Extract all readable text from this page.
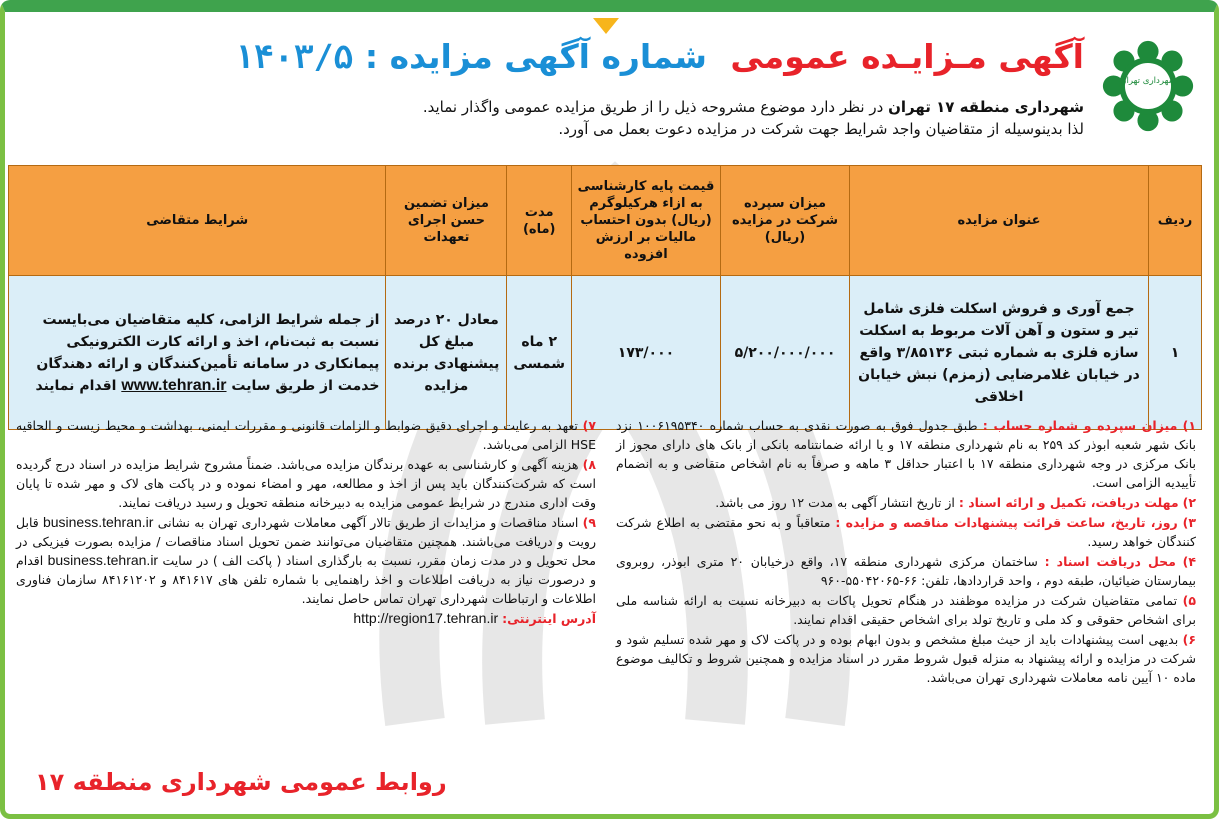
شهرداری تهران
آگهی مـزایـده عمومی شماره آگهی مزایده : ۱۴۰۳/۵
شهرداری منطقه ۱۷ تهران در نظر دارد موضوع مشروحه ذیل را از طریق مزایده عمومی واگذار نماید.
لذا بدینوسیله از متقاضیان واجد شرایط جهت شرکت در مزایده دعوت بعمل می آورد.
ردیف	عنوان مزایده	میزان سپرده شرکت در مزایده (ریال)	قیمت پایه کارشناسی به ازاء هرکیلوگرم (ریال) بدون احتساب مالیات بر ارزش افزوده	مدت (ماه)	میزان تضمین حسن اجرای تعهدات	شرایط متقاضی
۱	جمع آوری و فروش اسکلت فلزی شامل تیر و ستون و آهن آلات مربوط به اسکلت سازه فلزی به شماره ثبتی ۳/۸۵۱۳۶ واقع در خیابان غلامرضایی (زمزم) نبش خیابان اخلاقی	۵/۲۰۰/۰۰۰/۰۰۰	۱۷۳/۰۰۰	۲ ماه شمسی	معادل ۲۰ درصد مبلغ کل پیشنهادی برنده مزایده	از جمله شرایط الزامی، کلیه متقاضیان می‌بایست نسبت به ثبت‌نام، اخذ و ارائه کارت الکترونیکی پیمانکاری در سامانه تأمین‌کنندگان و ارائه دهندگان خدمت از طریق سایت www.tehran.ir اقدام نمایند

۱) میزان سپرده و شماره حساب : طبق جدول فوق به صورت نقدی به حساب شماره ۱۰۰۶۱۹۵۳۴۰ نزد بانک شهر شعبه ابوذر کد ۲۵۹ به نام شهرداری منطقه ۱۷ و یا ارائه ضمانتنامه بانکی از بانک های دارای مجوز از بانک مرکزی در وجه شهرداری منطقه ۱۷ با اعتبار حداقل ۳ ماهه و صرفاً به نام اشخاص متقاضی و به انضمام تأییدیه الزامی است.

۲) مهلت دریافت، تکمیل و ارائه اسناد : از تاریخ انتشار آگهی به مدت ۱۲ روز می باشد.

۳) روز، تاریخ، ساعت قرائت پیشنهادات مناقصه و مزایده : متعاقباً و به نحو مقتضی به اطلاع شرکت کنندگان خواهد رسید.

۴) محل دریافت اسناد : ساختمان مرکزی شهرداری منطقه ۱۷، واقع درخیابان ۲۰ متری ابوذر، روبروی بیمارستان ضیائیان، طبقه دوم ، واحد قراردادها، تلفن: ۶۶-۵۵۰۴۲۰۶۵-۹۶۰

۵) تمامی متقاضیان شرکت در مزایده موظفند در هنگام تحویل پاکات به دبیرخانه نسبت به ارائه شناسه ملی برای اشخاص حقوقی و کد ملی و تاریخ تولد برای اشخاص حقیقی اقدام نمایند.

۶) بدیهی است پیشنهادات باید از حیث مبلغ مشخص و بدون ابهام بوده و در پاکت لاک و مهر شده تسلیم شود و شرکت در مزایده و ارائه پیشنهاد به منزله قبول شروط مقرر در اسناد مزایده و همچنین شروط و تکالیف موضوع ماده ۱۰ آیین نامه معاملات شهرداری تهران می‌باشد.

۷) تعهد به رعایت و اجرای دقیق ضوابط و الزامات قانونی و مقررات ایمنی، بهداشت و محیط زیست و الحاقیه HSE الزامی می‌باشد.

۸) هزینه آگهی و کارشناسی به عهده برندگان مزایده می‌باشد. ضمناً مشروح شرایط مزایده در اسناد درج گردیده است که شرکت‌کنندگان باید پس از اخذ و مطالعه، مهر و امضاء نموده و در پاکت های لاک و مهر شده تا پایان وقت اداری مندرج در شرایط عمومی مزایده به دبیرخانه منطقه تحویل و رسید دریافت نمایند.

۹) اسناد مناقصات و مزایدات از طریق تالار آگهی معاملات شهرداری تهران به نشانی business.tehran.ir قابل رویت و دریافت می‌باشند. همچنین متقاضیان می‌توانند ضمن تحویل اسناد مناقصات / مزایده بصورت فیزیکی در محل تحویل و در مدت زمان مقرر، نسبت به بارگذاری اسناد ( پاکت الف ) در سایت business.tehran.ir اقدام و درصورت نیاز به دریافت اطلاعات و اخذ راهنمایی با شماره تلفن های ۸۴۱۶۱۷ و ۸۴۱۶۱۲۰۲ سازمان فناوری اطلاعات و ارتباطات شهرداری تهران تماس حاصل نمایند.

آدرس اینترنتی: http://region17.tehran.ir

روابط عمومی شهرداری منطقه ۱۷
